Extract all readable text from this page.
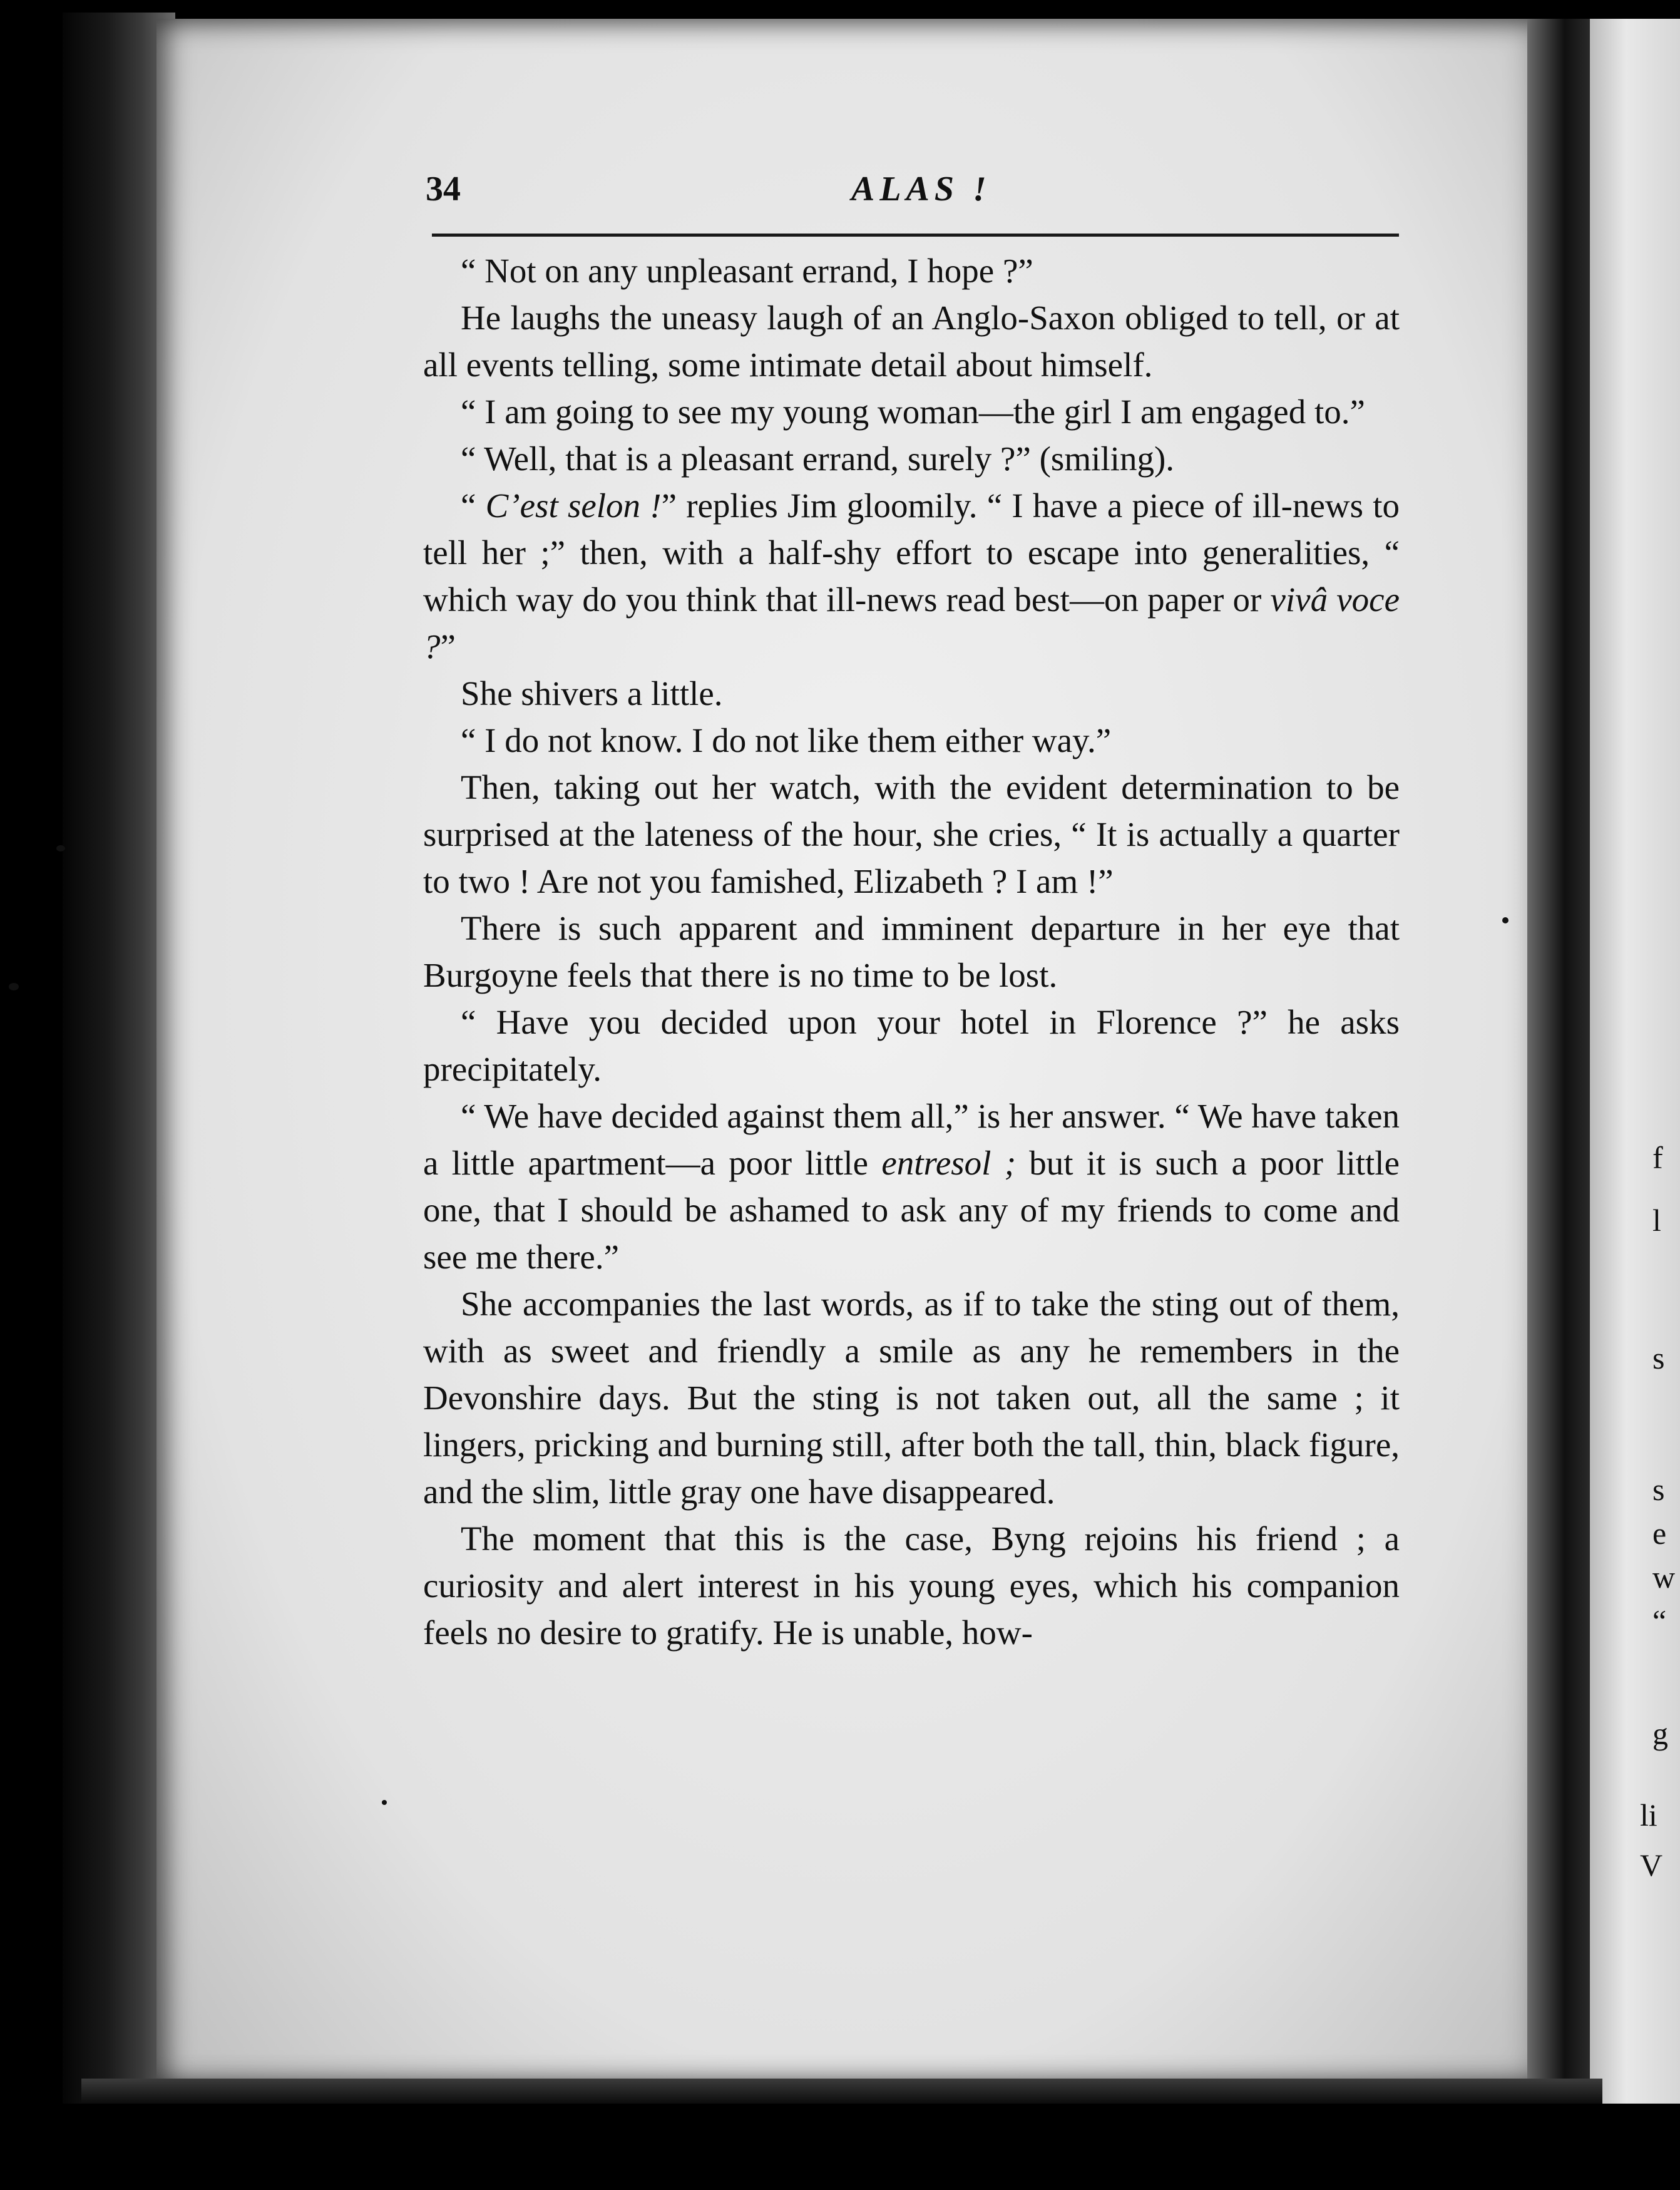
f
l
s
s
e
w
“
g
li
V
34	ALAS !

“ Not on any unpleasant errand, I hope ?”

He laughs the uneasy laugh of an Anglo-Saxon obliged to tell, or at all events telling, some intimate detail about himself.

“ I am going to see my young woman—the girl I am engaged to.”

“ Well, that is a pleasant errand, surely ?” (smiling).

“ C’est selon !” replies Jim gloomily. “ I have a piece of ill-news to tell her ;” then, with a half-shy effort to escape into generalities, “ which way do you think that ill-news read best—on paper or vivâ voce ?”

She shivers a little.

“ I do not know. I do not like them either way.”

Then, taking out her watch, with the evident determination to be surprised at the lateness of the hour, she cries, “ It is actually a quarter to two ! Are not you famished, Elizabeth ? I am !”

There is such apparent and imminent departure in her eye that Burgoyne feels that there is no time to be lost.

“ Have you decided upon your hotel in Florence ?” he asks precipitately.

“ We have decided against them all,” is her answer. “ We have taken a little apartment—a poor little entresol ; but it is such a poor little one, that I should be ashamed to ask any of my friends to come and see me there.”

She accompanies the last words, as if to take the sting out of them, with as sweet and friendly a smile as any he remembers in the Devonshire days. But the sting is not taken out, all the same ; it lingers, pricking and burning still, after both the tall, thin, black figure, and the slim, little gray one have disappeared.

The moment that this is the case, Byng rejoins his friend ; a curiosity and alert interest in his young eyes, which his companion feels no desire to gratify. He is unable, how-
